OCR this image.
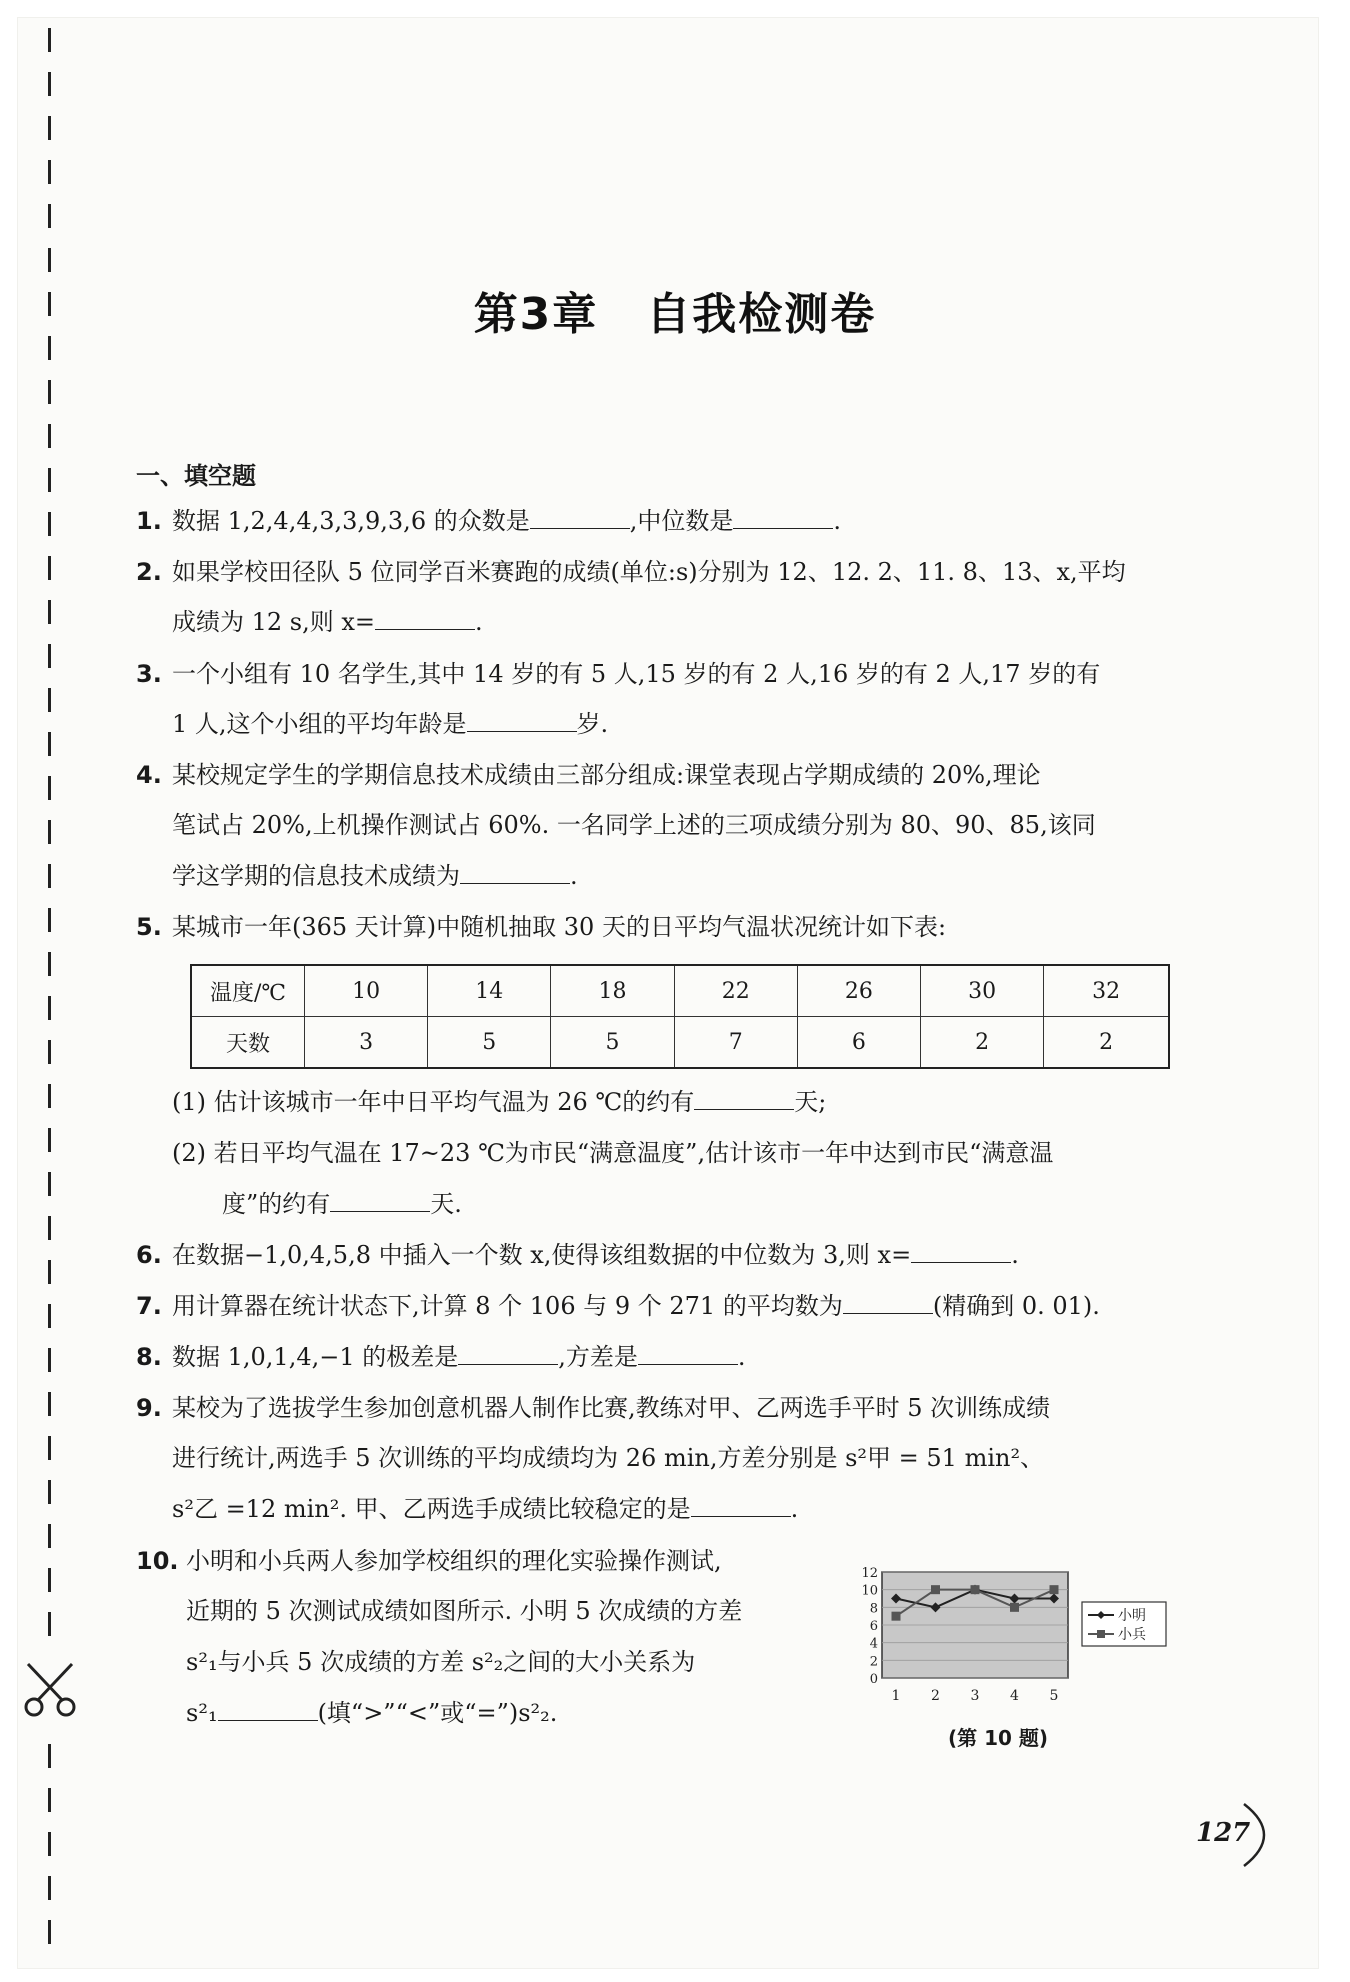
第3章 自我检测卷
一、填空题
1. 数据 1,2,4,4,3,3,9,3,6 的众数是	,中位数是	.
2. 如果学校田径队 5 位同学百米赛跑的成绩(单位:s)分别为 12、12. 2、11. 8、13、x,平均
成绩为 12 s,则 x=	.
3. 一个小组有 10 名学生,其中 14 岁的有 5 人,15 岁的有 2 人,16 岁的有 2 人,17 岁的有
1 人,这个小组的平均年龄是	岁.
4. 某校规定学生的学期信息技术成绩由三部分组成:课堂表现占学期成绩的 20%,理论
笔试占 20%,上机操作测试占 60%. 一名同学上述的三项成绩分别为 80、90、85,该同
学这学期的信息技术成绩为	.
5. 某城市一年(365 天计算)中随机抽取 30 天的日平均气温状况统计如下表:
温度/℃	10	14	18	22	26	30	32
天数	3	5	5	7	6	2	2
(1) 估计该城市一年中日平均气温为 26 ℃的约有	天;
(2) 若日平均气温在 17~23 ℃为市民“满意温度”,估计该市一年中达到市民“满意温
度”的约有	天.
6. 在数据−1,0,4,5,8 中插入一个数 x,使得该组数据的中位数为 3,则 x=	.
7. 用计算器在统计状态下,计算 8 个 106 与 9 个 271 的平均数为	(精确到 0. 01).
8. 数据 1,0,1,4,−1 的极差是	,方差是	.
9. 某校为了选拔学生参加创意机器人制作比赛,教练对甲、乙两选手平时 5 次训练成绩
进行统计,两选手 5 次训练的平均成绩均为 26 min,方差分别是 s²甲 = 51 min²、
s²乙 =12 min². 甲、乙两选手成绩比较稳定的是	.
10. 小明和小兵两人参加学校组织的理化实验操作测试,
近期的 5 次测试成绩如图所示. 小明 5 次成绩的方差
s²₁与小兵 5 次成绩的方差 s²₂之间的大小关系为
s²₁	(填“>”“<”或“=”)s²₂.
0
2
4
6
8
10
12
1 2 3 4 5
小明
小兵
(第 10 题)
127
